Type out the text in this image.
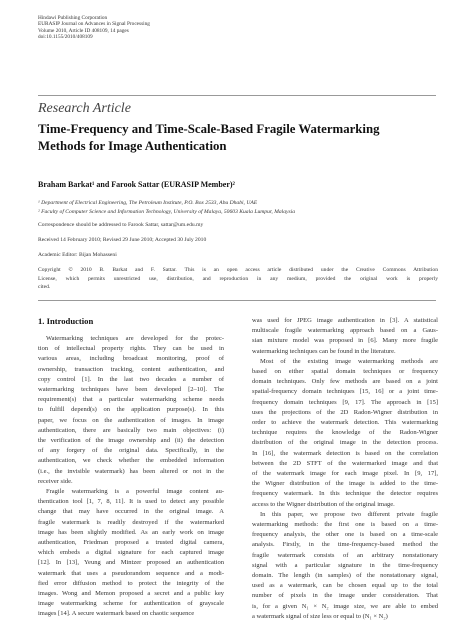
Hindawi Publishing Corporation
EURASIP Journal on Advances in Signal Processing
Volume 2010, Article ID 408109, 14 pages
doi:10.1155/2010/408109
Research Article
Time-Frequency and Time-Scale-Based Fragile Watermarking
Methods for Image Authentication
Braham Barkat¹ and Farook Sattar (EURASIP Member)²
¹ Department of Electrical Engineering, The Petroleum Institute, P.O. Box 2533, Abu Dhabi, UAE
² Faculty of Computer Science and Information Technology, University of Malaya, 50603 Kuala Lumpur, Malaysia
Correspondence should be addressed to Farook Sattar, sattar@um.edu.my
Received 14 February 2010; Revised 29 June 2010; Accepted 30 July 2010
Academic Editor: Bijan Mohasseni
Copyright © 2010 B. Barkat and F. Sattar. This is an open access article distributed under the Creative Commons Attribution
License, which permits unrestricted use, distribution, and reproduction in any medium, provided the original work is properly
cited.
1. Introduction
Watermarking techniques are developed for the protec-
tion of intellectual property rights. They can be used in
various areas, including broadcast monitoring, proof of
ownership, transaction tracking, content authentication, and
copy control [1]. In the last two decades a number of
watermarking techniques have been developed [2–10]. The
requirement(s) that a particular watermarking scheme needs
to fulfill depend(s) on the application purpose(s). In this
paper, we focus on the authentication of images. In image
authentication, there are basically two main objectives: (i)
the verification of the image ownership and (ii) the detection
of any forgery of the original data. Specifically, in the
authentication, we check whether the embedded information
(i.e., the invisible watermark) has been altered or not in the
receiver side.
Fragile watermarking is a powerful image content au-
thentication tool [1, 7, 8, 11]. It is used to detect any possible
change that may have occurred in the original image. A
fragile watermark is readily destroyed if the watermarked
image has been slightly modified. As an early work on image
authentication, Friedman proposed a trusted digital camera,
which embeds a digital signature for each captured image
[12]. In [13], Yeung and Mintzer proposed an authentication
watermark that uses a pseudorandom sequence and a modi-
fied error diffusion method to protect the integrity of the
images. Wong and Memon proposed a secret and a public key
image watermarking scheme for authentication of grayscale
images [14]. A secure watermark based on chaotic sequence
was used for JPEG image authentication in [3]. A statistical
multiscale fragile watermarking approach based on a Gaus-
sian mixture model was proposed in [6]. Many more fragile
watermarking techniques can be found in the literature.
Most of the existing image watermarking methods are
based on either spatial domain techniques or frequency
domain techniques. Only few methods are based on a joint
spatial-frequency domain techniques [15, 16] or a joint time-
frequency domain techniques [9, 17]. The approach in [15]
uses the projections of the 2D Radon-Wigner distribution in
order to achieve the watermark detection. This watermarking
technique requires the knowledge of the Radon-Wigner
distribution of the original image in the detection process.
In [16], the watermark detection is based on the correlation
between the 2D STFT of the watermarked image and that
of the watermark image for each image pixel. In [9, 17],
the Wigner distribution of the image is added to the time-
frequency watermark. In this technique the detector requires
access to the Wigner distribution of the original image.
In this paper, we propose two different private fragile
watermarking methods: the first one is based on a time-
frequency analysis, the other one is based on a time-scale
analysis. Firstly, in the time-frequency-based method the
fragile watermark consists of an arbitrary nonstationary
signal with a particular signature in the time-frequency
domain. The length (in samples) of the nonstationary signal,
used as a watermark, can be chosen equal up to the total
number of pixels in the image under consideration. That
is, for a given N₁ × N₂ image size, we are able to embed
a watermark signal of size less or equal to (N₁ × N₂)
